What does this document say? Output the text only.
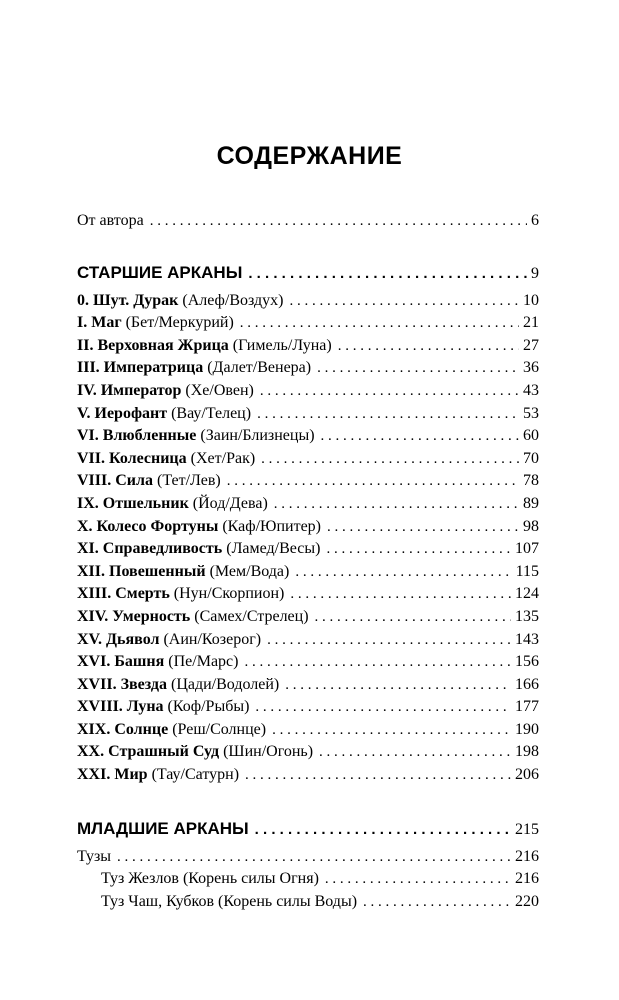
СОДЕРЖАНИЕ
От автора . . .	6
СТАРШИЕ АРКАНЫ . . .	9
0. Шут. Дурак (Алеф/Воздух) . . .	10
I. Маг (Бет/Меркурий) . . .	21
II. Верховная Жрица (Гимель/Луна) . . .	27
III. Императрица (Далет/Венера) . . .	36
IV. Император (Хе/Овен) . . .	43
V. Иерофант (Вау/Телец) . . .	53
VI. Влюбленные (Заин/Близнецы) . . .	60
VII. Колесница (Хет/Рак) . . .	70
VIII. Сила (Тет/Лев) . . .	78
IX. Отшельник (Йод/Дева) . . .	89
X. Колесо Фортуны (Каф/Юпитер) . . .	98
XI. Справедливость (Ламед/Весы) . . .	107
XII. Повешенный (Мем/Вода) . . .	115
XIII. Смерть (Нун/Скорпион) . . .	124
XIV. Умерность (Самех/Стрелец) . . .	135
XV. Дьявол (Аин/Козерог) . . .	143
XVI. Башня (Пе/Марс) . . .	156
XVII. Звезда (Цади/Водолей) . . .	166
XVIII. Луна (Коф/Рыбы) . . .	177
XIX. Солнце (Реш/Солнце) . . .	190
XX. Страшный Суд (Шин/Огонь) . . .	198
XXI. Мир (Тау/Сатурн) . . .	206
МЛАДШИЕ АРКАНЫ . . .	215
Тузы . . .	216
Туз Жезлов (Корень силы Огня) . . .	216
Туз Чаш, Кубков (Корень силы Воды) . . .	220
